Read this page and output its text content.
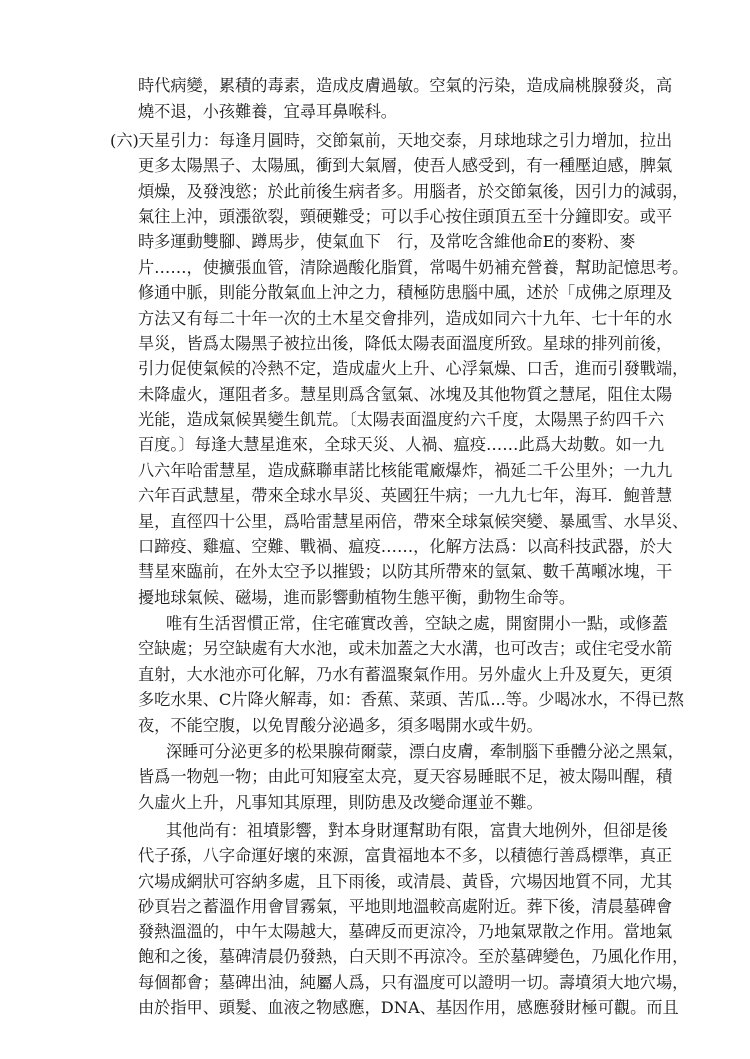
(六)
時代病變，累積的毒素，造成皮膚過敏。空氣的污染，造成扁桃腺發炎，高
燒不退，小孩難養，宜尋耳鼻喉科。
天星引力：每逢月圓時，交節氣前，天地交泰，月球地球之引力增加，拉出
更多太陽黑子、太陽風，衝到大氣層，使吾人感受到，有一種壓迫感，脾氣
煩燥，及發洩慾；於此前後生病者多。用腦者，於交節氣後，因引力的減弱，
氣往上沖，頭漲欲裂，頸硬難受；可以手心按住頭頂五至十分鐘即安。或平
時多運動雙腳、蹲馬步，使氣血下　行，及常吃含維他命E的麥粉、麥
片……，使擴張血管，清除過酸化脂質，常喝牛奶補充營養，幫助記憶思考。
修通中脈，則能分散氣血上沖之力，積極防患腦中風，述於「成佛之原理及
方法又有每二十年一次的土木星交會排列，造成如同六十九年、七十年的水
旱災，皆爲太陽黑子被拉出後，降低太陽表面溫度所致。星球的排列前後，
引力促使氣候的冷熱不定，造成虛火上升、心浮氣燥、口舌，進而引發戰端，
未降虛火，運阻者多。慧星則爲含氫氣、冰塊及其他物質之慧尾，阻住太陽
光能，造成氣候異變生飢荒。〔太陽表面溫度約六千度，太陽黑子約四千六
百度。〕每逢大慧星進來，全球天災、人禍、瘟疫……此爲大劫數。如一九
八六年哈雷慧星，造成蘇聯車諾比核能電廠爆炸，禍延二千公里外；一九九
六年百武慧星，帶來全球水旱災、英國狂牛病；一九九七年，海耳．鮑普慧
星，直徑四十公里，爲哈雷慧星兩倍，帶來全球氣候突變、暴風雪、水旱災、
口蹄疫、雞瘟、空難、戰禍、瘟疫……，化解方法爲：以高科技武器，於大
彗星來臨前，在外太空予以摧毀；以防其所帶來的氫氣、數千萬噸冰塊，干
擾地球氣候、磁場，進而影響動植物生態平衡，動物生命等。
唯有生活習慣正常，住宅確實改善，空缺之處，開窗開小一點，或修蓋
空缺處；另空缺處有大水池，或未加蓋之大水溝，也可改吉；或住宅受水箭
直射，大水池亦可化解，乃水有蓄溫聚氣作用。另外虛火上升及夏矢，更須
多吃水果、C片降火解毒，如：香蕉、菜頭、苦瓜...等。少喝冰水，不得已熬
夜，不能空腹，以免胃酸分泌過多，須多喝開水或牛奶。
深睡可分泌更多的松果腺荷爾蒙，漂白皮膚，牽制腦下垂體分泌之黑氣，
皆爲一物剋一物；由此可知寢室太亮，夏天容易睡眠不足，被太陽叫醒，積
久虛火上升，凡事知其原理，則防患及改變命運並不難。
其他尚有：祖墳影響，對本身財運幫助有限，富貴大地例外，但卻是後
代子孫，八字命運好壞的來源，富貴福地本不多，以積德行善爲標準，真正
穴場成網狀可容納多處，且下雨後，或清晨、黃昏，穴場因地質不同，尤其
砂頁岩之蓄溫作用會冒霧氣，平地則地溫較高處附近。葬下後，清晨墓碑會
發熱溫溫的，中午太陽越大，墓碑反而更涼冷，乃地氣眾散之作用。當地氣
飽和之後，墓碑清晨仍發熱，白天則不再涼冷。至於墓碑變色，乃風化作用，
每個都會；墓碑出油，純屬人爲，只有溫度可以證明一切。壽墳須大地穴場，
由於指甲、頭髮、血液之物感應，DNA、基因作用，感應發財極可觀。而且
